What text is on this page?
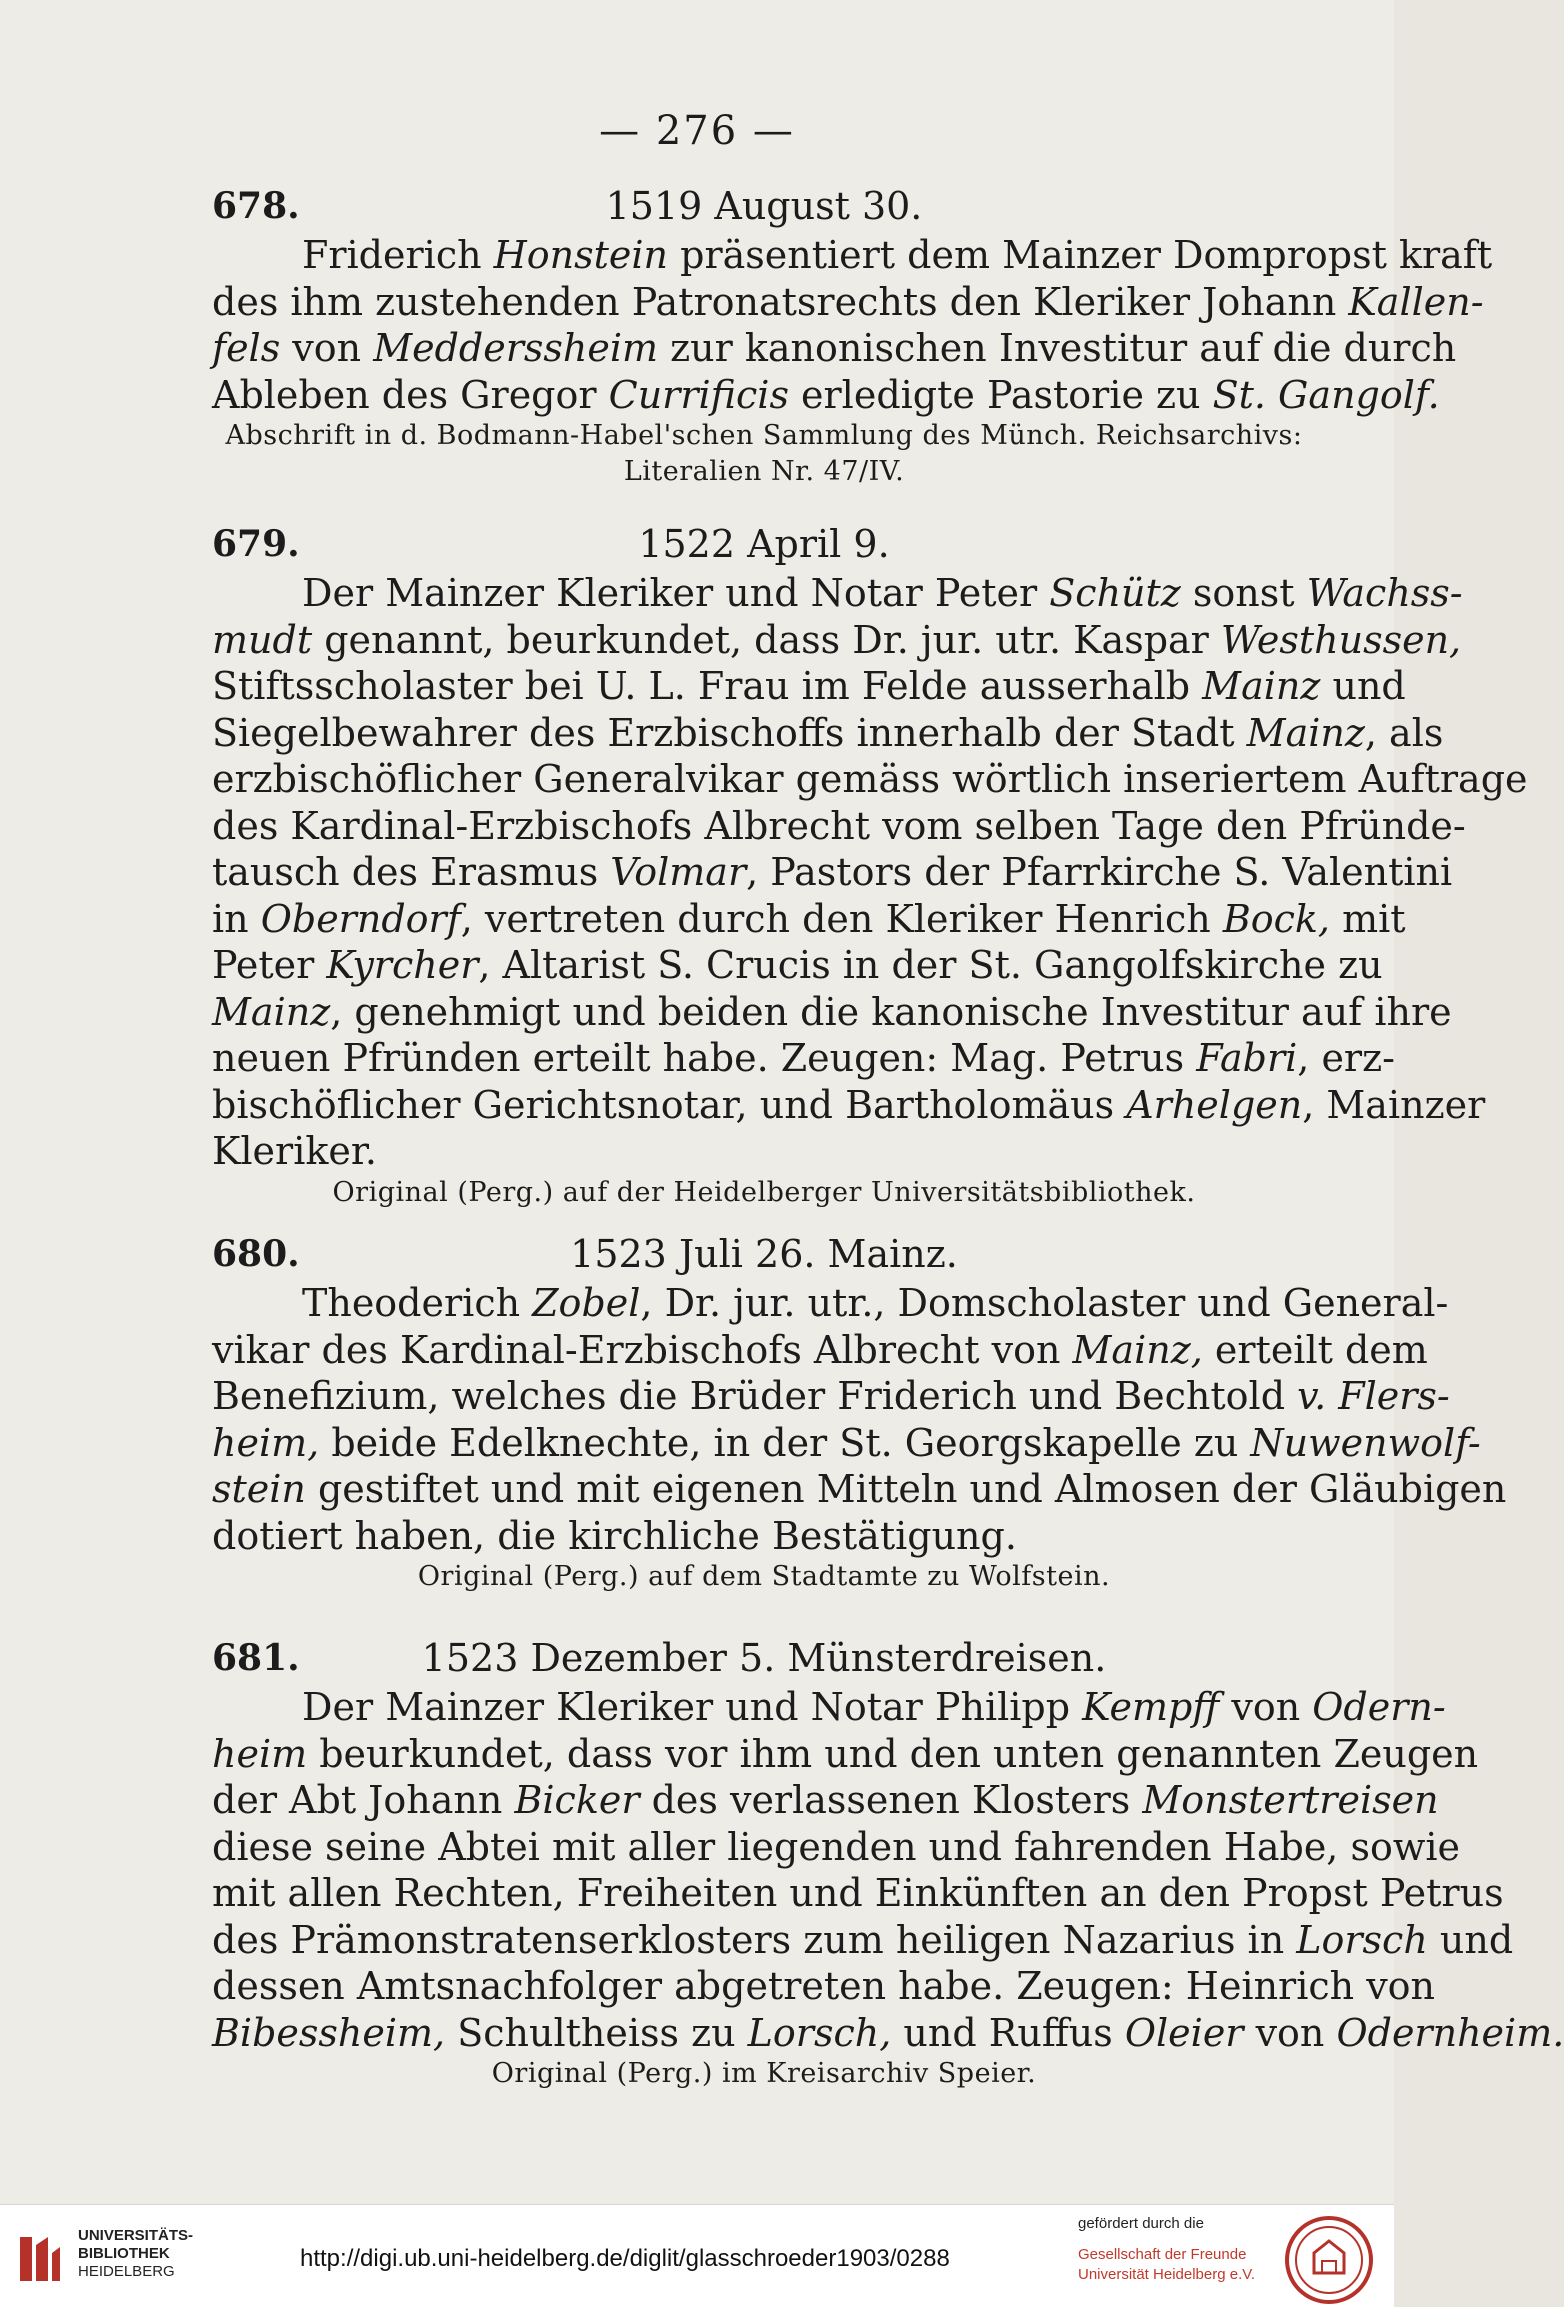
— 276 —
678.	1519 August 30.
Friderich Honstein präsentiert dem Mainzer Dompropst kraft
des ihm zustehenden Patronatsrechts den Kleriker Johann Kallen-
fels von Medderssheim zur kanonischen Investitur auf die durch
Ableben des Gregor Currificis erledigte Pastorie zu St. Gangolf.
Abschrift in d. Bodmann-Habel'schen Sammlung des Münch. Reichsarchivs:
Literalien Nr. 47/IV.
679.	1522 April 9.
Der Mainzer Kleriker und Notar Peter Schütz sonst Wachss-
mudt genannt, beurkundet, dass Dr. jur. utr. Kaspar Westhussen,
Stiftsscholaster bei U. L. Frau im Felde ausserhalb Mainz und
Siegelbewahrer des Erzbischoffs innerhalb der Stadt Mainz, als
erzbischöflicher Generalvikar gemäss wörtlich inseriertem Auftrage
des Kardinal-Erzbischofs Albrecht vom selben Tage den Pfründe-
tausch des Erasmus Volmar, Pastors der Pfarrkirche S. Valentini
in Oberndorf, vertreten durch den Kleriker Henrich Bock, mit
Peter Kyrcher, Altarist S. Crucis in der St. Gangolfskirche zu
Mainz, genehmigt und beiden die kanonische Investitur auf ihre
neuen Pfründen erteilt habe. Zeugen: Mag. Petrus Fabri, erz-
bischöflicher Gerichtsnotar, und Bartholomäus Arhelgen, Mainzer
Kleriker.
Original (Perg.) auf der Heidelberger Universitätsbibliothek.
680.	1523 Juli 26. Mainz.
Theoderich Zobel, Dr. jur. utr., Domscholaster und General-
vikar des Kardinal-Erzbischofs Albrecht von Mainz, erteilt dem
Benefizium, welches die Brüder Friderich und Bechtold v. Flers-
heim, beide Edelknechte, in der St. Georgskapelle zu Nuwenwolf-
stein gestiftet und mit eigenen Mitteln und Almosen der Gläubigen
dotiert haben, die kirchliche Bestätigung.
Original (Perg.) auf dem Stadtamte zu Wolfstein.
681.	1523 Dezember 5. Münsterdreisen.
Der Mainzer Kleriker und Notar Philipp Kempff von Odern-
heim beurkundet, dass vor ihm und den unten genannten Zeugen
der Abt Johann Bicker des verlassenen Klosters Monstertreisen
diese seine Abtei mit aller liegenden und fahrenden Habe, sowie
mit allen Rechten, Freiheiten und Einkünften an den Propst Petrus
des Prämonstratenserklosters zum heiligen Nazarius in Lorsch und
dessen Amtsnachfolger abgetreten habe. Zeugen: Heinrich von
Bibessheim, Schultheiss zu Lorsch, und Ruffus Oleier von Odernheim.
Original (Perg.) im Kreisarchiv Speier.
UNIVERSITÄTS-
BIBLIOTHEK
HEIDELBERG	http://digi.ub.uni-heidelberg.de/diglit/glasschroeder1903/0288
gefördert durch die
Gesellschaft der Freunde
Universität Heidelberg e.V.
